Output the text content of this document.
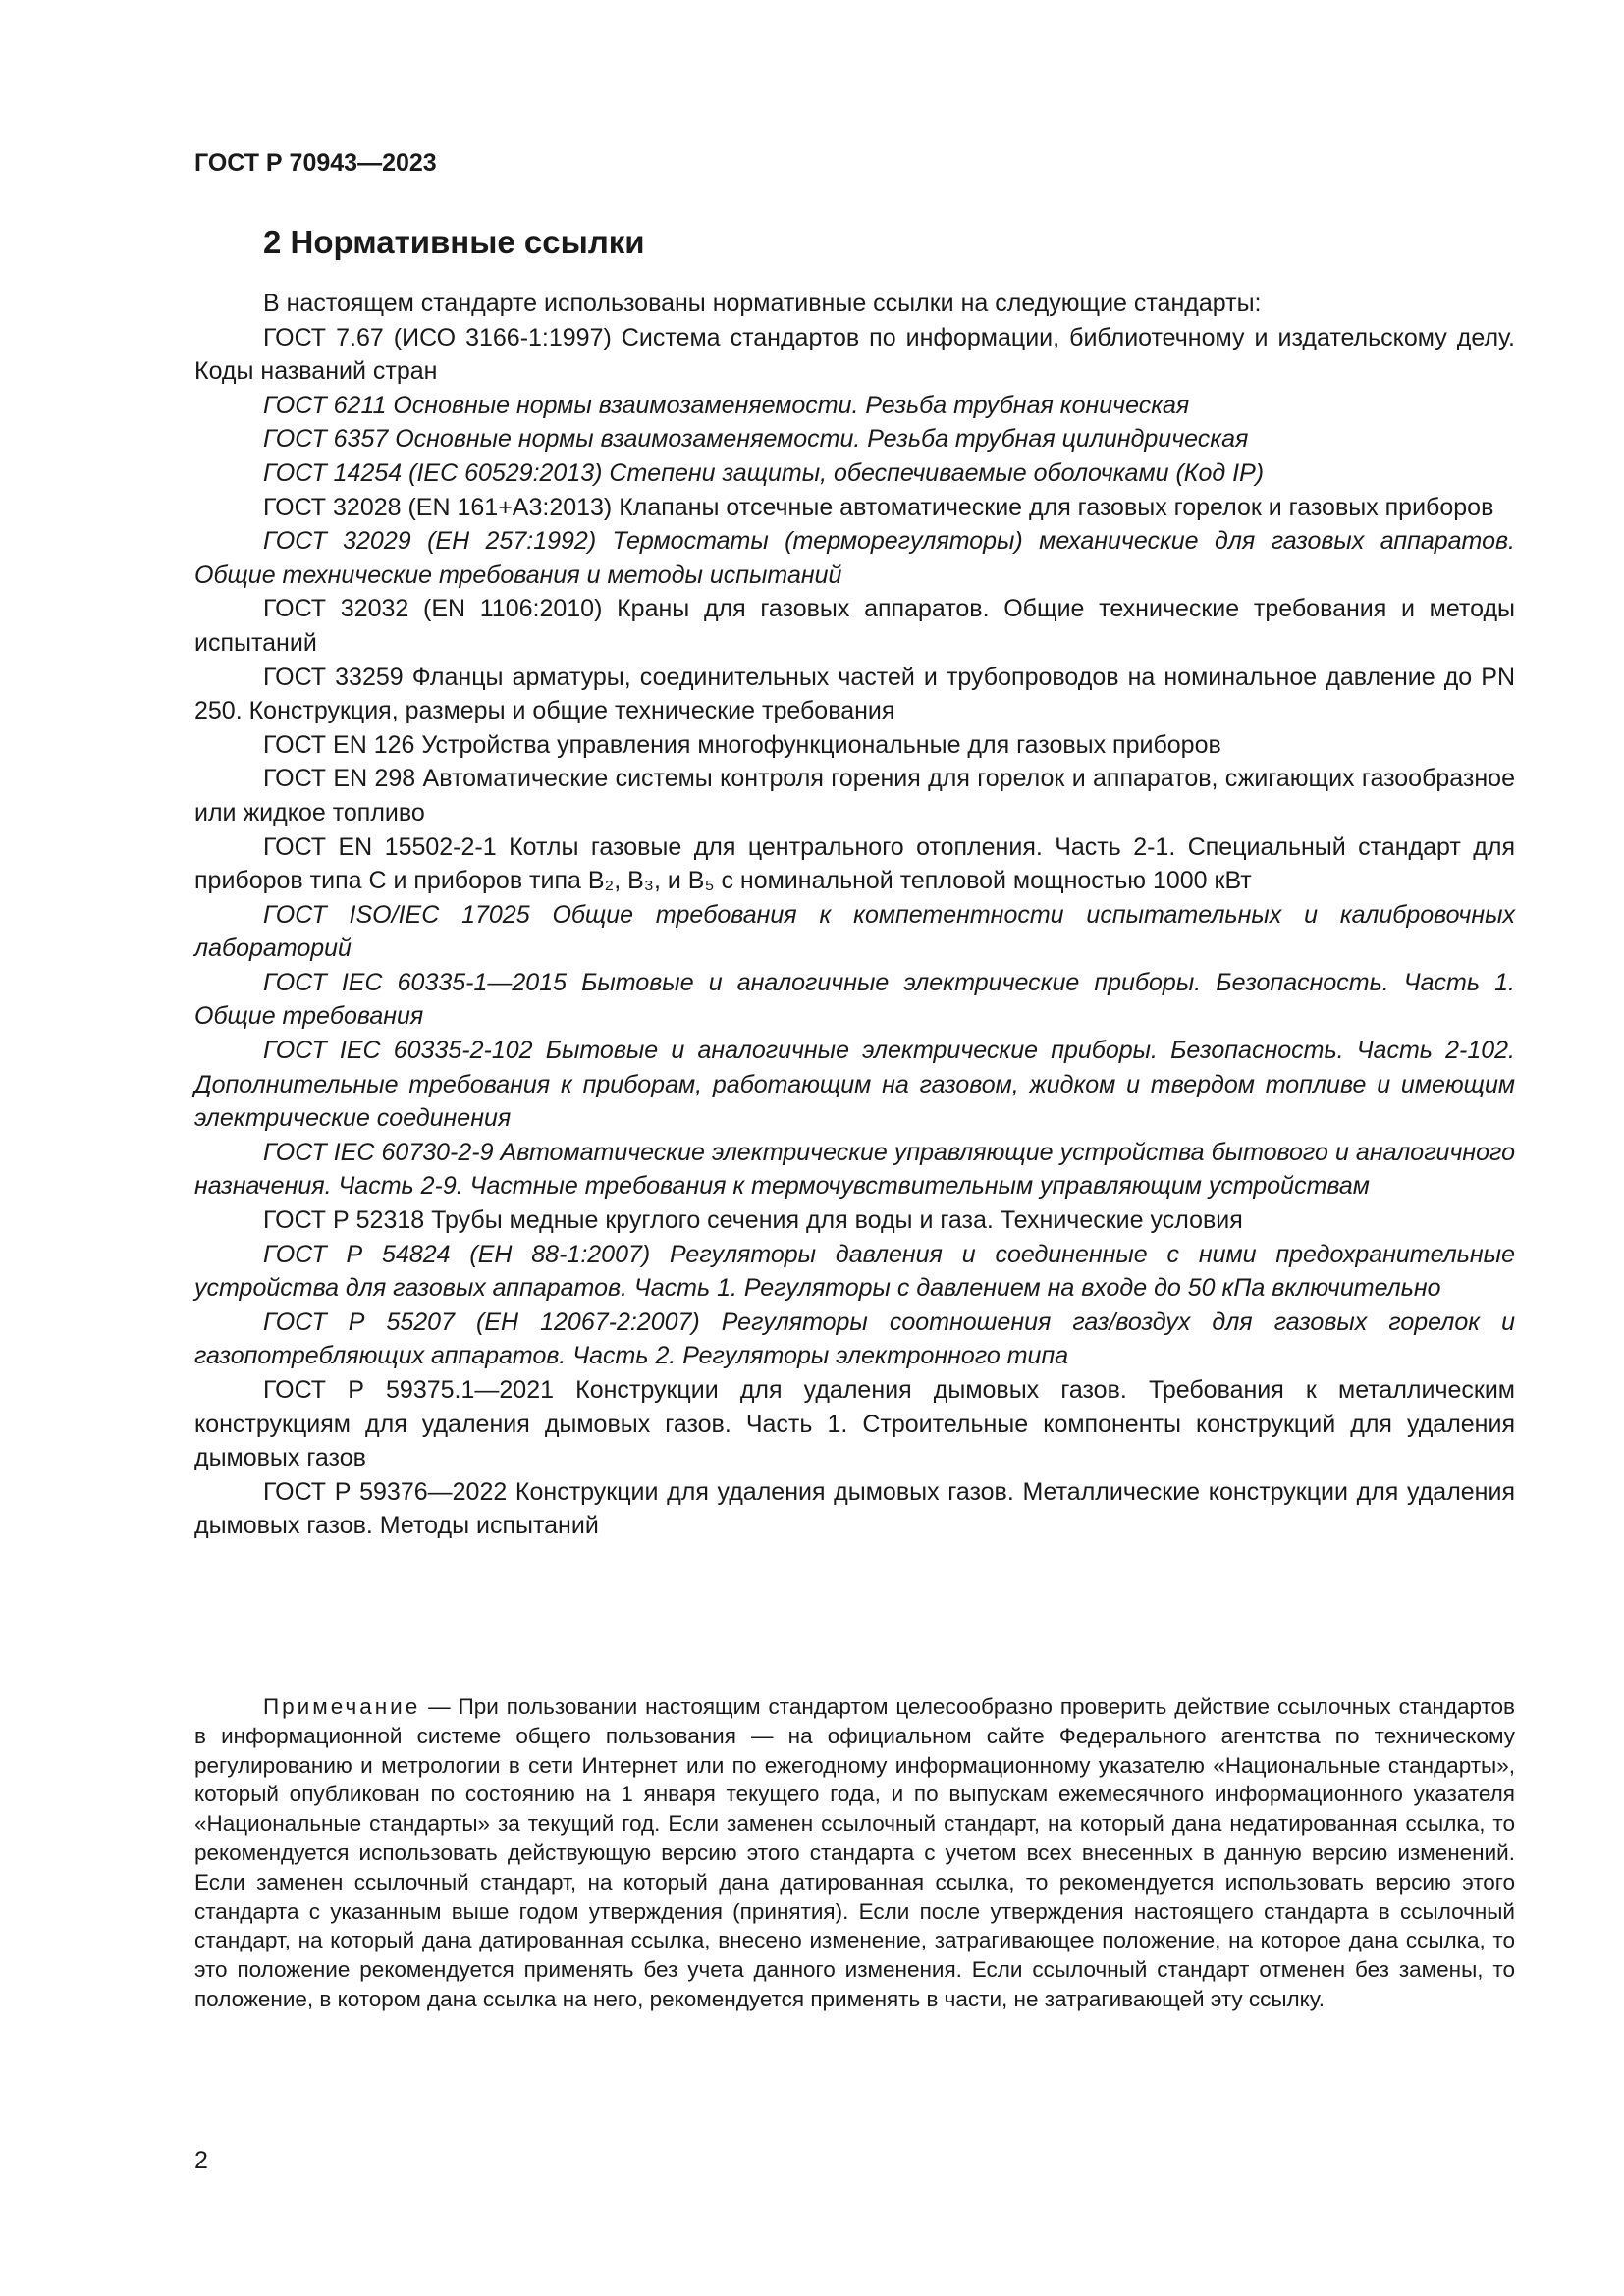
ГОСТ Р 70943—2023
2 Нормативные ссылки

В настоящем стандарте использованы нормативные ссылки на следующие стандарты:

ГОСТ 7.67 (ИСО 3166-1:1997) Система стандартов по информации, библиотечному и издательскому делу. Коды названий стран

ГОСТ 6211 Основные нормы взаимозаменяемости. Резьба трубная коническая

ГОСТ 6357 Основные нормы взаимозаменяемости. Резьба трубная цилиндрическая

ГОСТ 14254 (IEC 60529:2013) Степени защиты, обеспечиваемые оболочками (Код IP)

ГОСТ 32028 (EN 161+A3:2013) Клапаны отсечные автоматические для газовых горелок и газовых приборов

ГОСТ 32029 (EH 257:1992) Термостаты (терморегуляторы) механические для газовых аппаратов. Общие технические требования и методы испытаний

ГОСТ 32032 (EN 1106:2010) Краны для газовых аппаратов. Общие технические требования и методы испытаний

ГОСТ 33259 Фланцы арматуры, соединительных частей и трубопроводов на номинальное давление до PN 250. Конструкция, размеры и общие технические требования

ГОСТ EN 126 Устройства управления многофункциональные для газовых приборов

ГОСТ EN 298 Автоматические системы контроля горения для горелок и аппаратов, сжигающих газообразное или жидкое топливо

ГОСТ EN 15502-2-1 Котлы газовые для центрального отопления. Часть 2-1. Специальный стандарт для приборов типа С и приборов типа B₂, B₃, и B₅ с номинальной тепловой мощностью 1000 кВт

ГОСТ ISO/IEC 17025 Общие требования к компетентности испытательных и калибровочных лабораторий

ГОСТ IEC 60335-1—2015 Бытовые и аналогичные электрические приборы. Безопасность. Часть 1. Общие требования

ГОСТ IEC 60335-2-102 Бытовые и аналогичные электрические приборы. Безопасность. Часть 2-102. Дополнительные требования к приборам, работающим на газовом, жидком и твердом топливе и имеющим электрические соединения

ГОСТ IEC 60730-2-9 Автоматические электрические управляющие устройства бытового и аналогичного назначения. Часть 2-9. Частные требования к термочувствительным управляющим устройствам

ГОСТ Р 52318 Трубы медные круглого сечения для воды и газа. Технические условия

ГОСТ Р 54824 (EH 88-1:2007) Регуляторы давления и соединенные с ними предохранительные устройства для газовых аппаратов. Часть 1. Регуляторы с давлением на входе до 50 кПа включительно

ГОСТ Р 55207 (EH 12067-2:2007) Регуляторы соотношения газ/воздух для газовых горелок и газопотребляющих аппаратов. Часть 2. Регуляторы электронного типа

ГОСТ Р 59375.1—2021 Конструкции для удаления дымовых газов. Требования к металлическим конструкциям для удаления дымовых газов. Часть 1. Строительные компоненты конструкций для удаления дымовых газов

ГОСТ Р 59376—2022 Конструкции для удаления дымовых газов. Металлические конструкции для удаления дымовых газов. Методы испытаний

Примечание — При пользовании настоящим стандартом целесообразно проверить действие ссылочных стандартов в информационной системе общего пользования — на официальном сайте Федерального агентства по техническому регулированию и метрологии в сети Интернет или по ежегодному информационному указателю «Национальные стандарты», который опубликован по состоянию на 1 января текущего года, и по выпускам ежемесячного информационного указателя «Национальные стандарты» за текущий год. Если заменен ссылочный стандарт, на который дана недатированная ссылка, то рекомендуется использовать действующую версию этого стандарта с учетом всех внесенных в данную версию изменений. Если заменен ссылочный стандарт, на который дана датированная ссылка, то рекомендуется использовать версию этого стандарта с указанным выше годом утверждения (принятия). Если после утверждения настоящего стандарта в ссылочный стандарт, на который дана датированная ссылка, внесено изменение, затрагивающее положение, на которое дана ссылка, то это положение рекомендуется применять без учета данного изменения. Если ссылочный стандарт отменен без замены, то положение, в котором дана ссылка на него, рекомендуется применять в части, не затрагивающей эту ссылку.
2
